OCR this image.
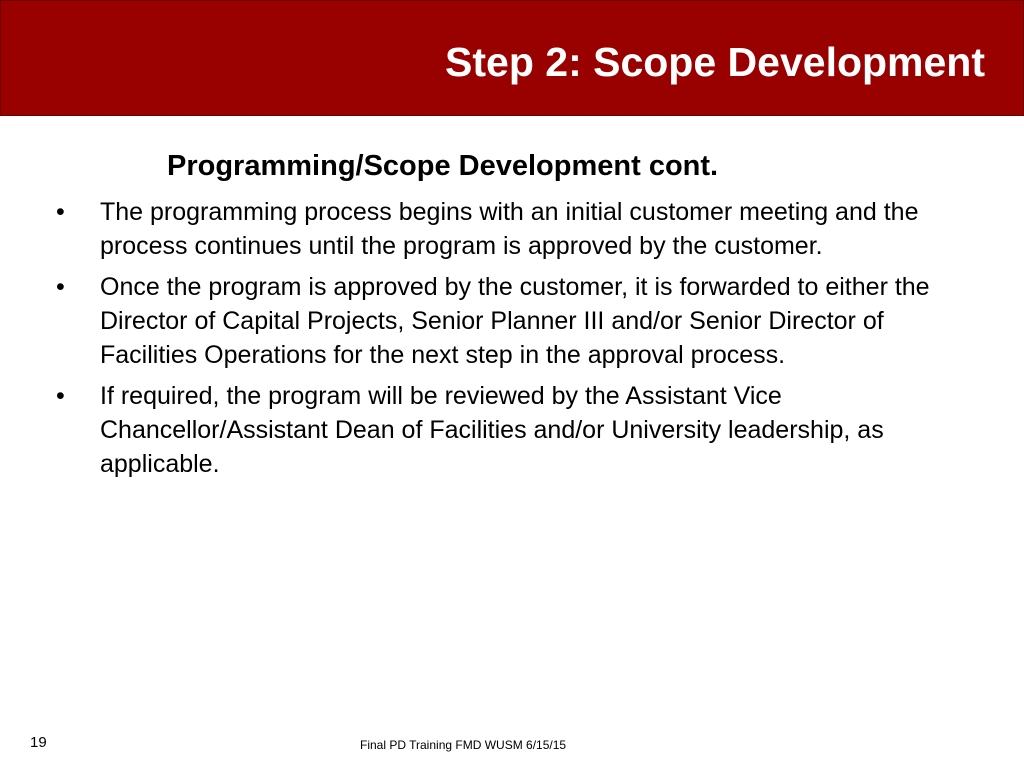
Step 2: Scope Development
Programming/Scope Development cont.
• The programming process begins with an initial customer meeting and the process continues until the program is approved by the customer.
• Once the program is approved by the customer, it is forwarded to either the Director of Capital Projects, Senior Planner III and/or Senior Director of Facilities Operations for the next step in the approval process.
• If required, the program will be reviewed by the Assistant Vice Chancellor/Assistant Dean of Facilities and/or University leadership, as applicable.
19	Final PD Training FMD WUSM 6/15/15
